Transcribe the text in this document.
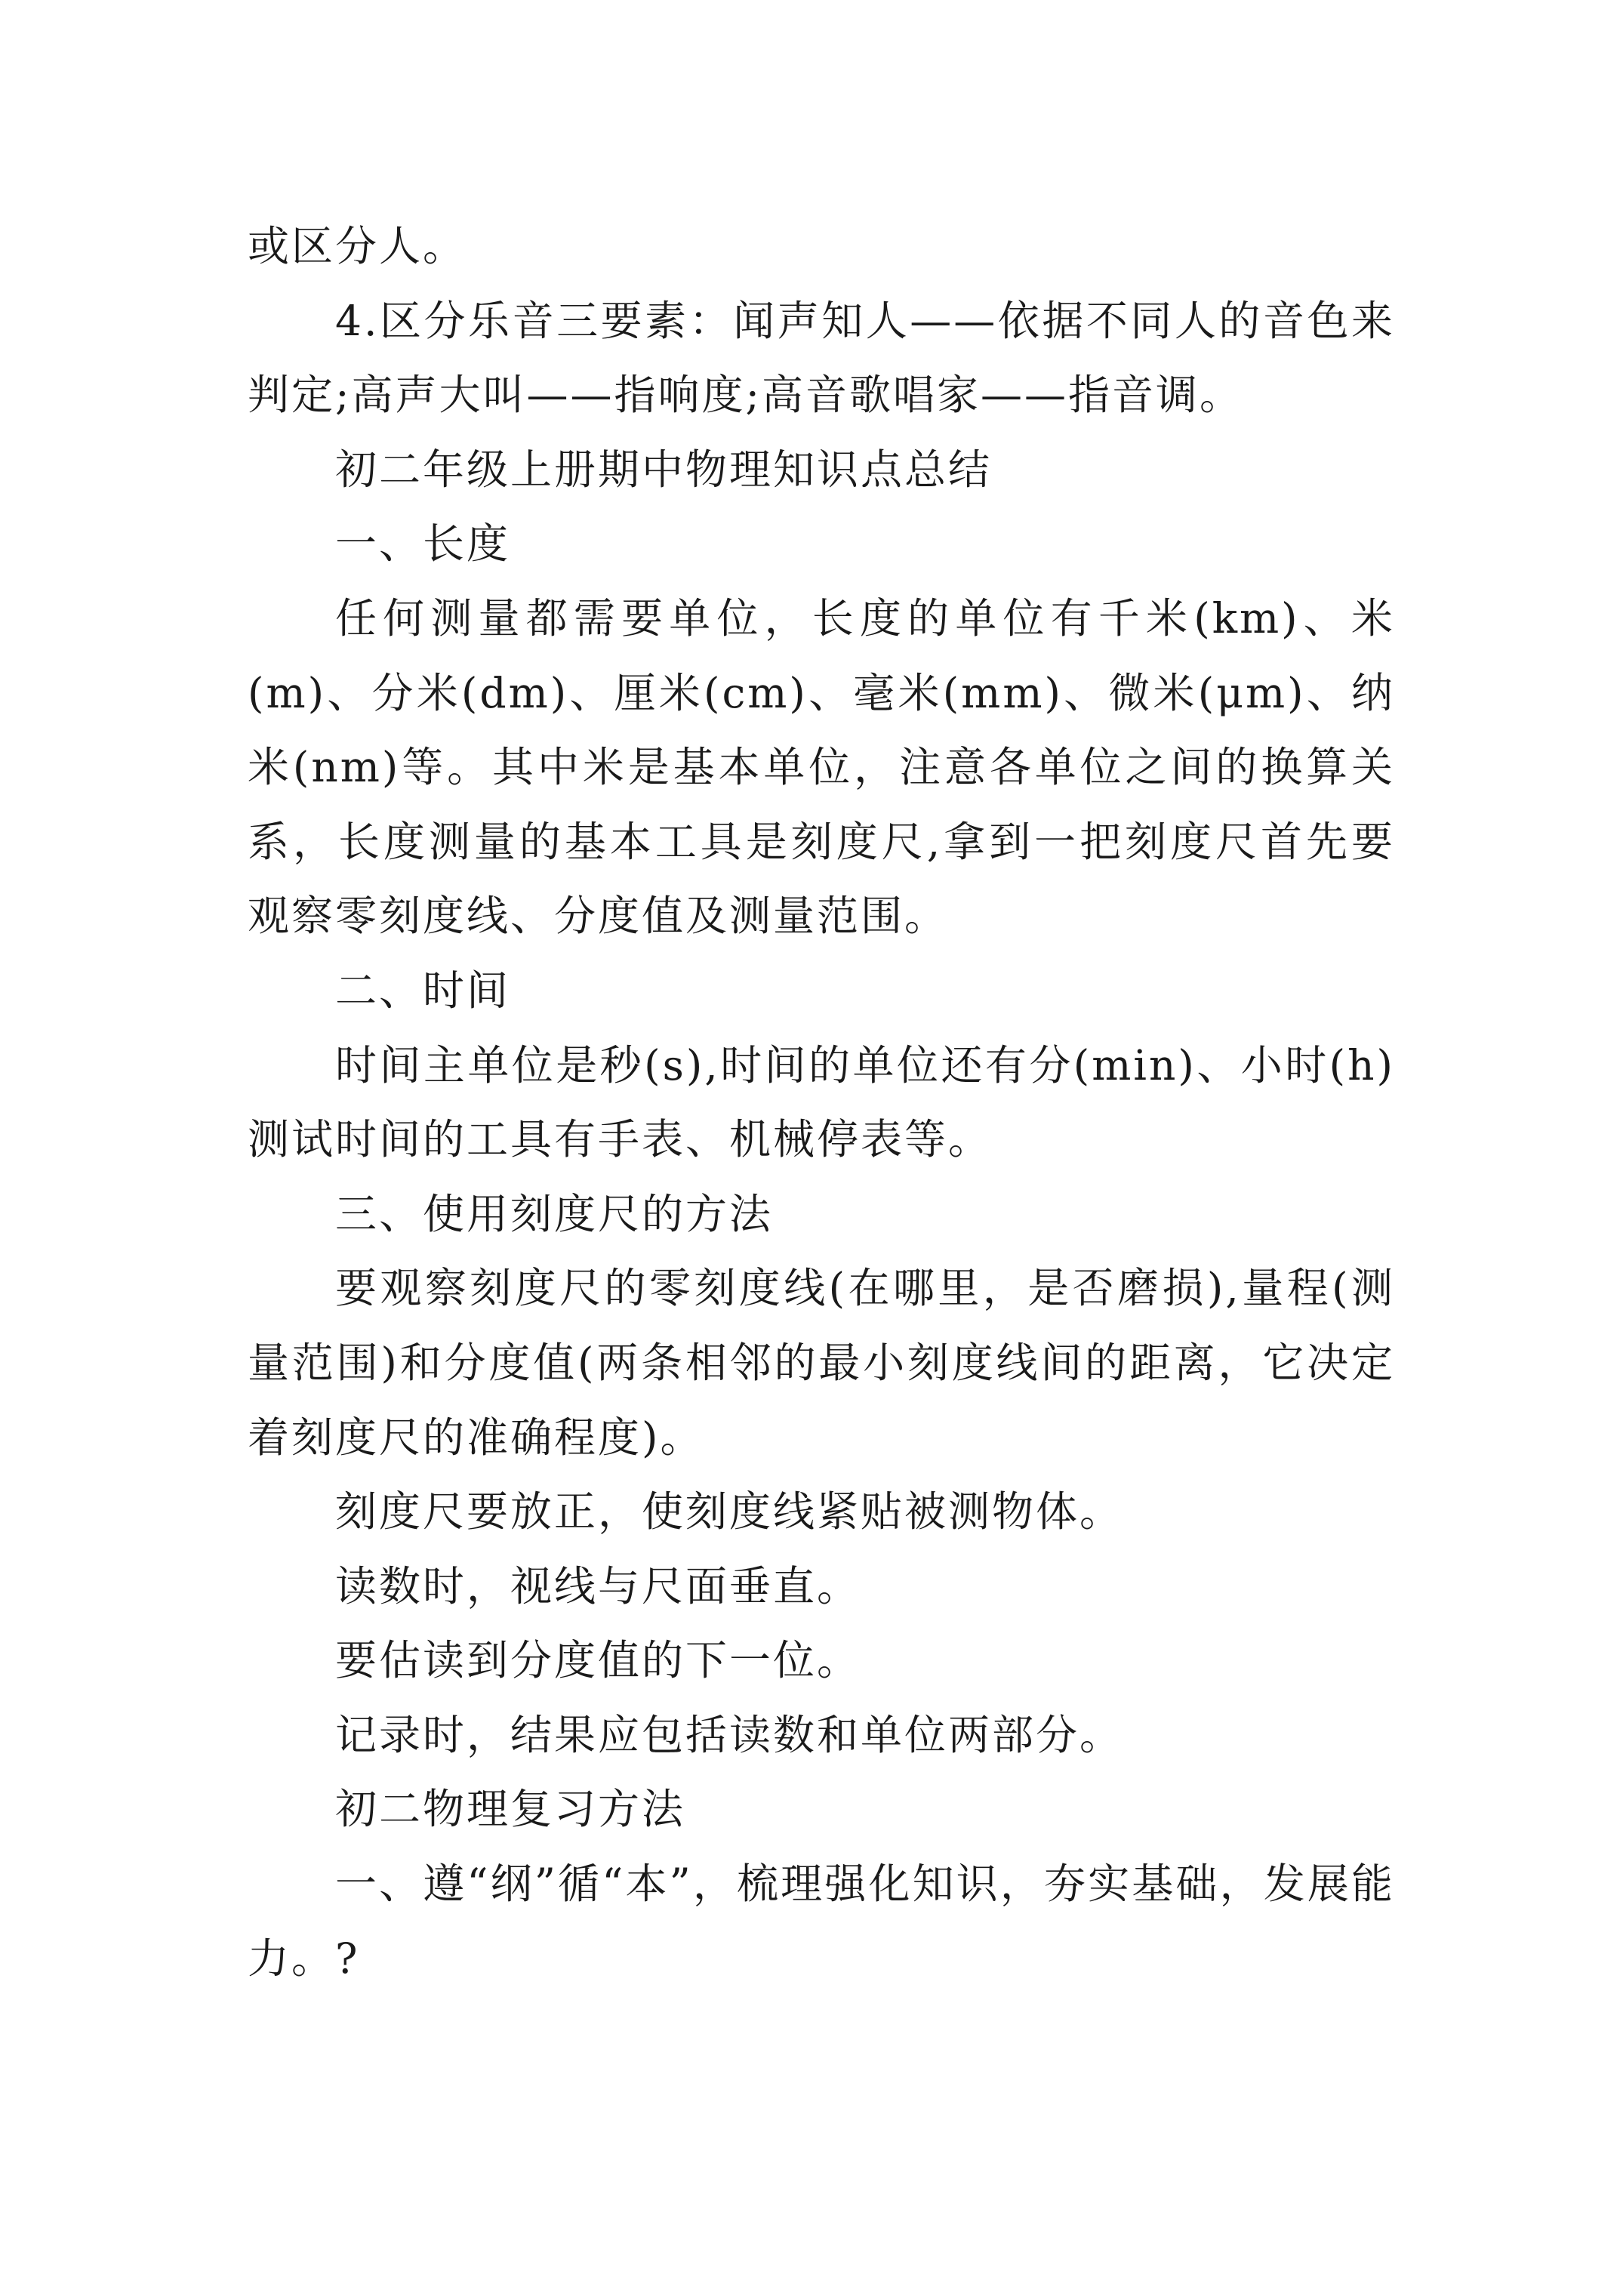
或区分人。

4.区分乐音三要素：闻声知人——依据不同人的音色来判定;高声大叫——指响度;高音歌唱家——指音调。

初二年级上册期中物理知识点总结

一、长度

任何测量都需要单位，长度的单位有千米(km)、米(m)、分米(dm)、厘米(cm)、毫米(mm)、微米(μm)、纳米(nm)等。其中米是基本单位，注意各单位之间的换算关系，长度测量的基本工具是刻度尺,拿到一把刻度尺首先要观察零刻度线、分度值及测量范围。

二、时间

时间主单位是秒(s),时间的单位还有分(min)、小时(h)测试时间的工具有手表、机械停表等。

三、使用刻度尺的方法

要观察刻度尺的零刻度线(在哪里，是否磨损),量程(测量范围)和分度值(两条相邻的最小刻度线间的距离，它决定着刻度尺的准确程度)。

刻度尺要放正，使刻度线紧贴被测物体。

读数时，视线与尺面垂直。

要估读到分度值的下一位。

记录时，结果应包括读数和单位两部分。

初二物理复习方法

一、遵“纲”循“本”，梳理强化知识，夯实基础，发展能力。?
